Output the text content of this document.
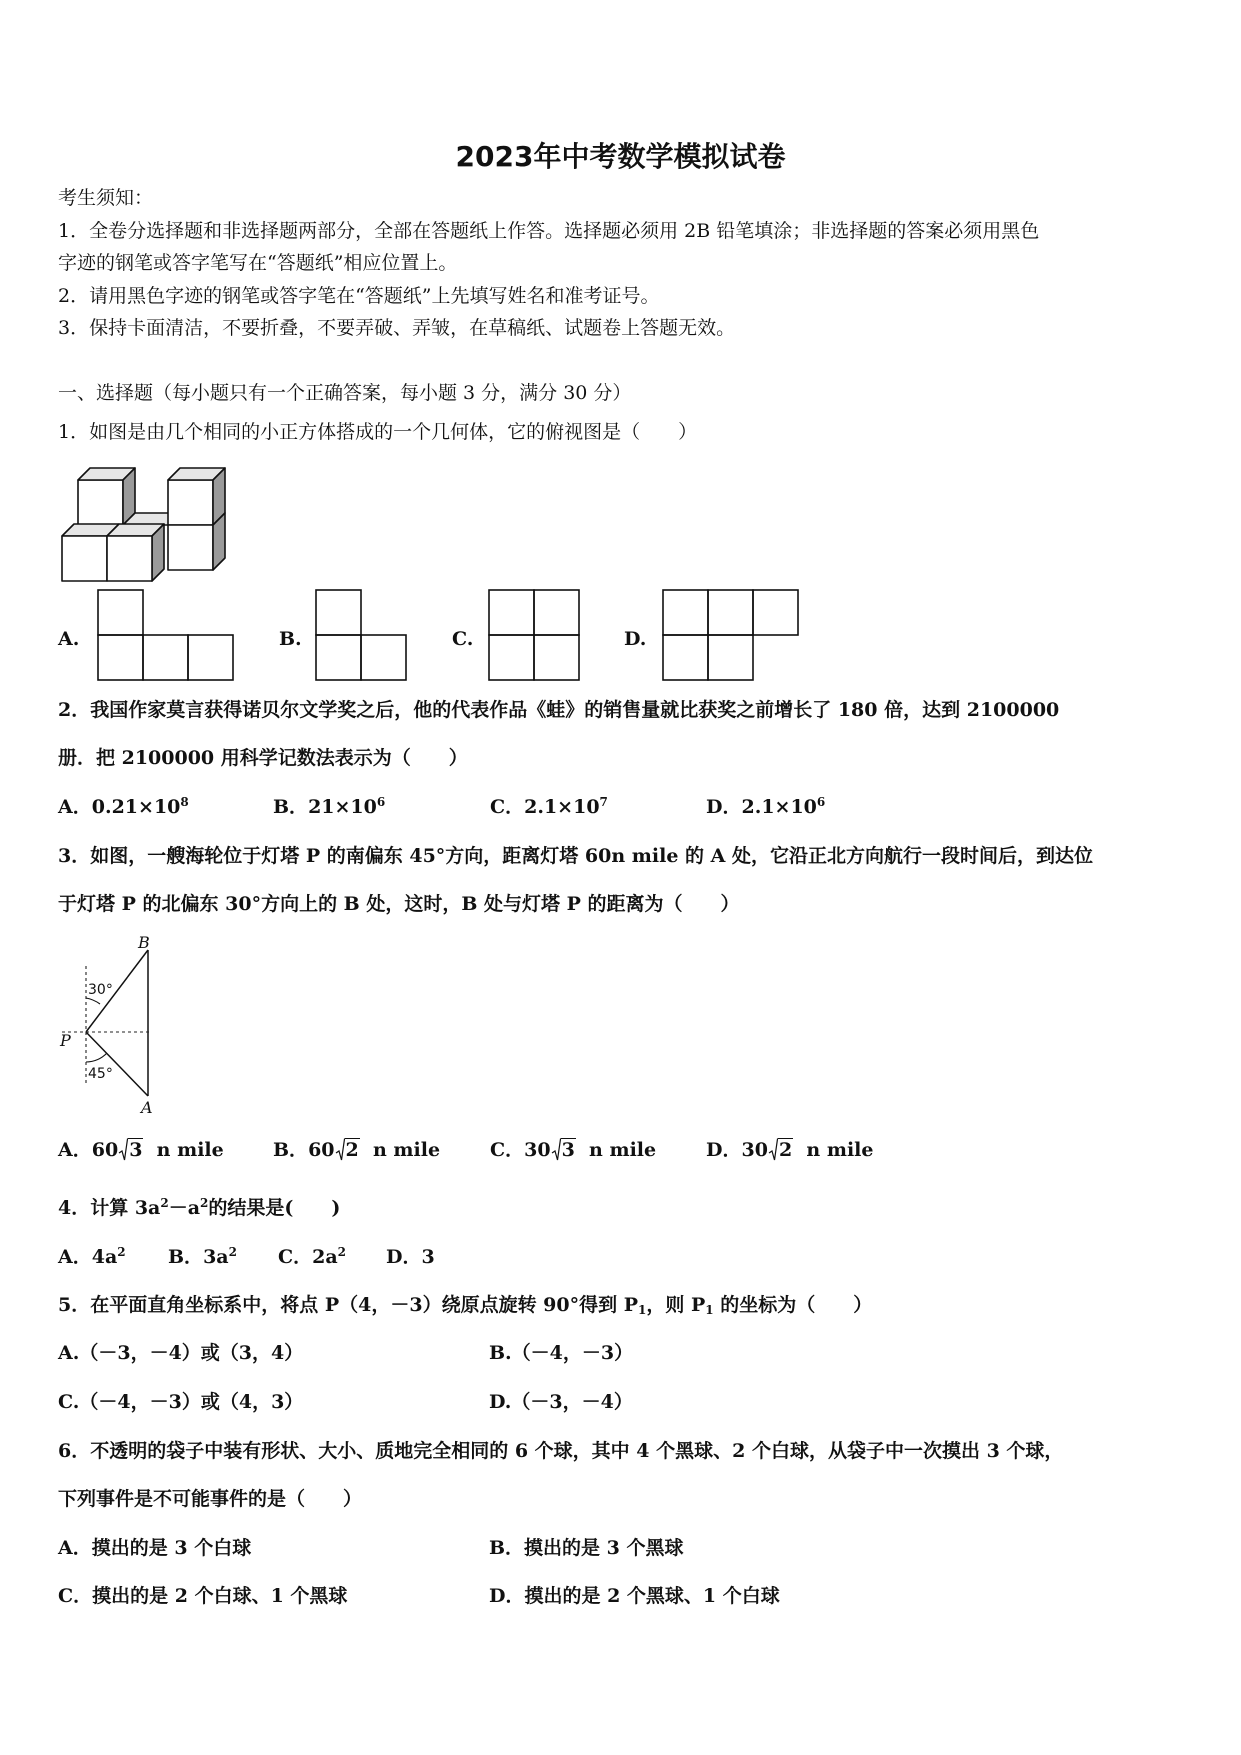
2023年中考数学模拟试卷
考生须知：
1．全卷分选择题和非选择题两部分，全部在答题纸上作答。选择题必须用 2B 铅笔填涂；非选择题的答案必须用黑色
字迹的钢笔或答字笔写在“答题纸”相应位置上。
2．请用黑色字迹的钢笔或答字笔在“答题纸”上先填写姓名和准考证号。
3．保持卡面清洁，不要折叠，不要弄破、弄皱，在草稿纸、试题卷上答题无效。
一、选择题（每小题只有一个正确答案，每小题 3 分，满分 30 分）
1．如图是由几个相同的小正方体搭成的一个几何体，它的俯视图是（　　）
A.	B.	C.	D.
2．我国作家莫言获得诺贝尔文学奖之后，他的代表作品《蛙》的销售量就比获奖之前增长了 180 倍，达到 2100000
册．把 2100000 用科学记数法表示为（　　）
A．$0.21\times 10^8$	B．$21\times 10^6$	C．$2.1\times 10^7$	D．$2.1\times 10^6$
3．如图，一艘海轮位于灯塔 P 的南偏东 45°方向，距离灯塔 60n mile 的 A 处，它沿正北方向航行一段时间后，到达位
于灯塔 P 的北偏东 30°方向上的 B 处，这时，B 处与灯塔 P 的距离为（　　）
B
P
A
30°
45°
A．60 3 n mile	B．60 2 n mile	C．30 3 n mile	D．30 2 n mile
4．计算 $3a^2-a^2$的结果是(　　)
A．$4a^2$ B．$3a^2$ C．$2a^2$ D．3
5．在平面直角坐标系中，将点 P（4，－3）绕原点旋转 90°得到 $P_1$，则 $P_1$ 的坐标为（　　）
A.（－3，－4）或（3，4）	B.（－4，－3）
C.（－4，－3）或（4，3）	D.（－3，－4）
6．不透明的袋子中装有形状、大小、质地完全相同的 6 个球，其中 4 个黑球、2 个白球，从袋子中一次摸出 3 个球，
下列事件是不可能事件的是（　　）
A．摸出的是 3 个白球	B．摸出的是 3 个黑球
C．摸出的是 2 个白球、1 个黑球	D．摸出的是 2 个黑球、1 个白球
